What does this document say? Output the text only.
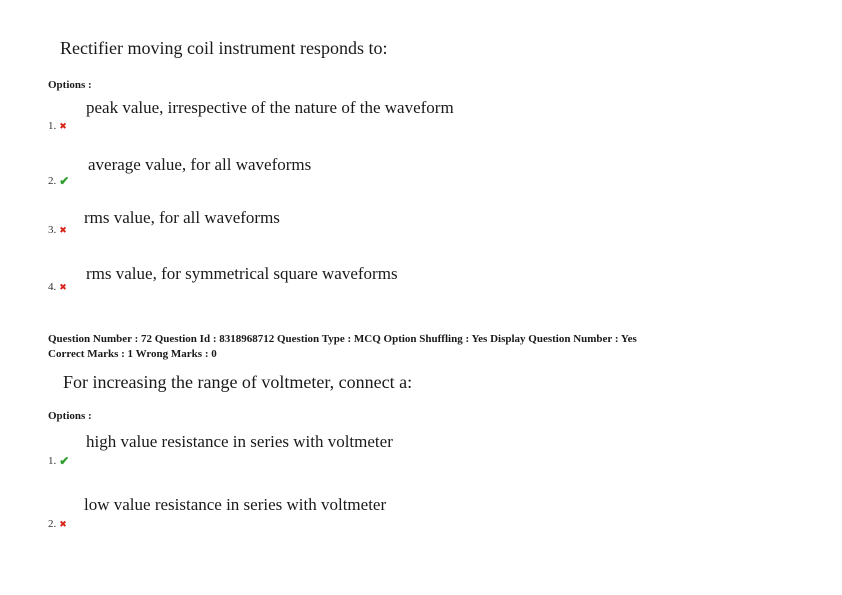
Rectifier moving coil instrument responds to:
Options :
peak value, irrespective of the nature of the waveform
1. ✖
average value, for all waveforms
2. ✔
rms value, for all waveforms
3. ✖
rms value, for symmetrical square waveforms
4. ✖
Question Number : 72 Question Id : 8318968712 Question Type : MCQ Option Shuffling : Yes Display Question Number : Yes
Correct Marks : 1 Wrong Marks : 0
For increasing the range of voltmeter, connect a:
Options :
high value resistance in series with voltmeter
1. ✔
low value resistance in series with voltmeter
2. ✖
